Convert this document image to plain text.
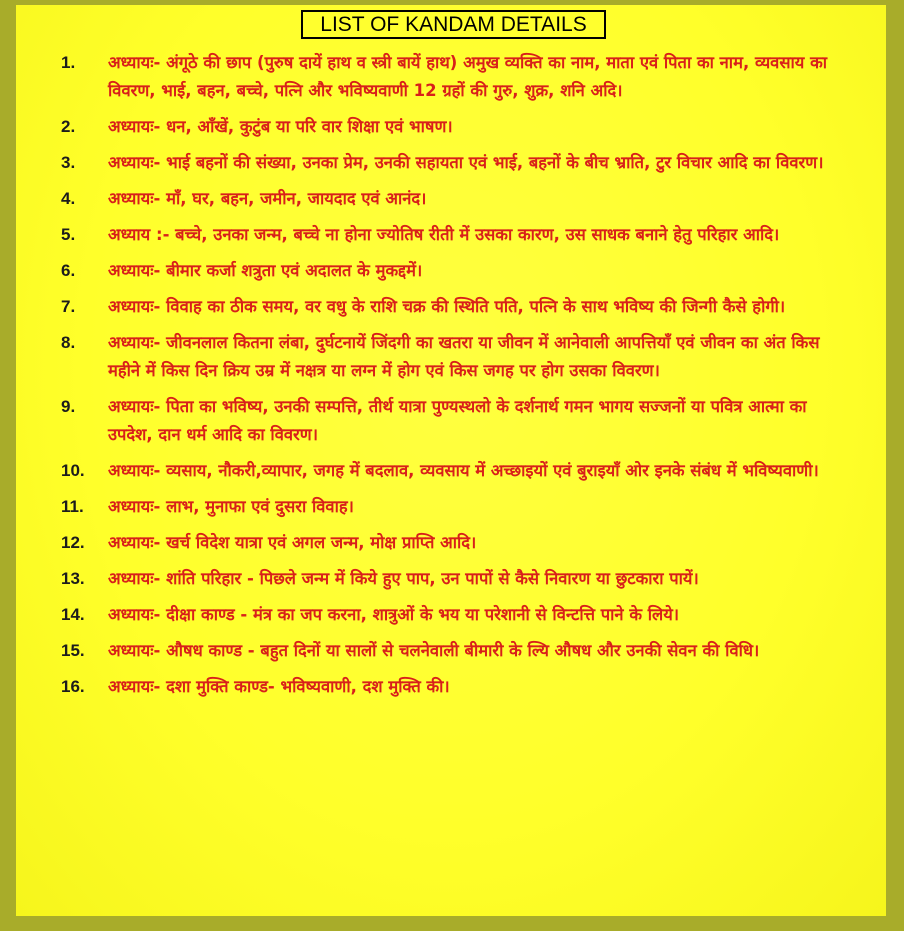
LIST OF KANDAM DETAILS
1.	अध्यायः- अंगूठे की छाप (पुरुष दायें हाथ व स्त्री बायें हाथ) अमुख व्यक्ति का नाम, माता एवं पिता का नाम, व्यवसाय का विवरण, भाई, बहन, बच्चे, पत्नि और भविष्यवाणी 12 ग्रहों की गुरु, शुक्र, शनि अदि।
2.	अध्यायः- धन, आँखें, कुटुंब या परि वार शिक्षा एवं भाषण।
3.	अध्यायः- भाई बहनों की संख्या, उनका प्रेम, उनकी सहायता एवं भाई, बहनों के बीच भ्राति, टुर विचार आदि का विवरण।
4.	अध्यायः- माँ, घर, बहन, जमीन, जायदाद एवं आनंद।
5.	अध्याय :- बच्चे, उनका जन्म, बच्चे ना होना ज्योतिष रीती में उसका कारण, उस साधक बनाने हेतु परिहार आदि।
6.	अध्यायः- बीमार कर्जा शत्रुता एवं अदालत के मुकद्दमें।
7.	अध्यायः- विवाह का ठीक समय, वर वधु के राशि चक्र की स्थिति पति, पत्नि के साथ भविष्य की जिन्गी कैसे होगी।
8.	अध्यायः- जीवनलाल कितना लंबा, दुर्घटनायें जिंदगी का खतरा या जीवन में आनेवाली आपत्तियाँ एवं जीवन का अंत किस महीने में किस दिन क्रिय उम्र में नक्षत्र या लग्न में होग एवं किस जगह पर होग उसका विवरण।
9.	अध्यायः- पिता का भविष्य, उनकी सम्पत्ति, तीर्थ यात्रा पुण्यस्थलो के दर्शनार्थ गमन भागय सज्जनों या पवित्र आत्मा का उपदेश, दान धर्म आदि का विवरण।
10.	अध्यायः- व्यसाय, नौकरी,व्यापार, जगह में बदलाव, व्यवसाय में अच्छाइयों एवं बुराइयाँ ओर इनके संबंध में भविष्यवाणी।
11.	अध्यायः- लाभ, मुनाफा एवं दुसरा विवाह।
12.	अध्यायः- खर्च विदेश यात्रा एवं अगल जन्म, मोक्ष प्राप्ति आदि।
13.	अध्यायः- शांति परिहार - पिछले जन्म में किये हुए पाप, उन पापों से कैसे निवारण या छुटकारा पायें।
14.	अध्यायः- दीक्षा काण्ड - मंत्र का जप करना, शात्रुओं के भय या परेशानी से विन्टत्ति पाने के लिये।
15.	अध्यायः- औषध काण्ड - बहुत दिनों या सालों से चलनेवाली बीमारी के ल्यि औषध और उनकी सेवन की विधि।
16.	अध्यायः- दशा मुक्ति काण्ड- भविष्यवाणी, दश मुक्ति की।
